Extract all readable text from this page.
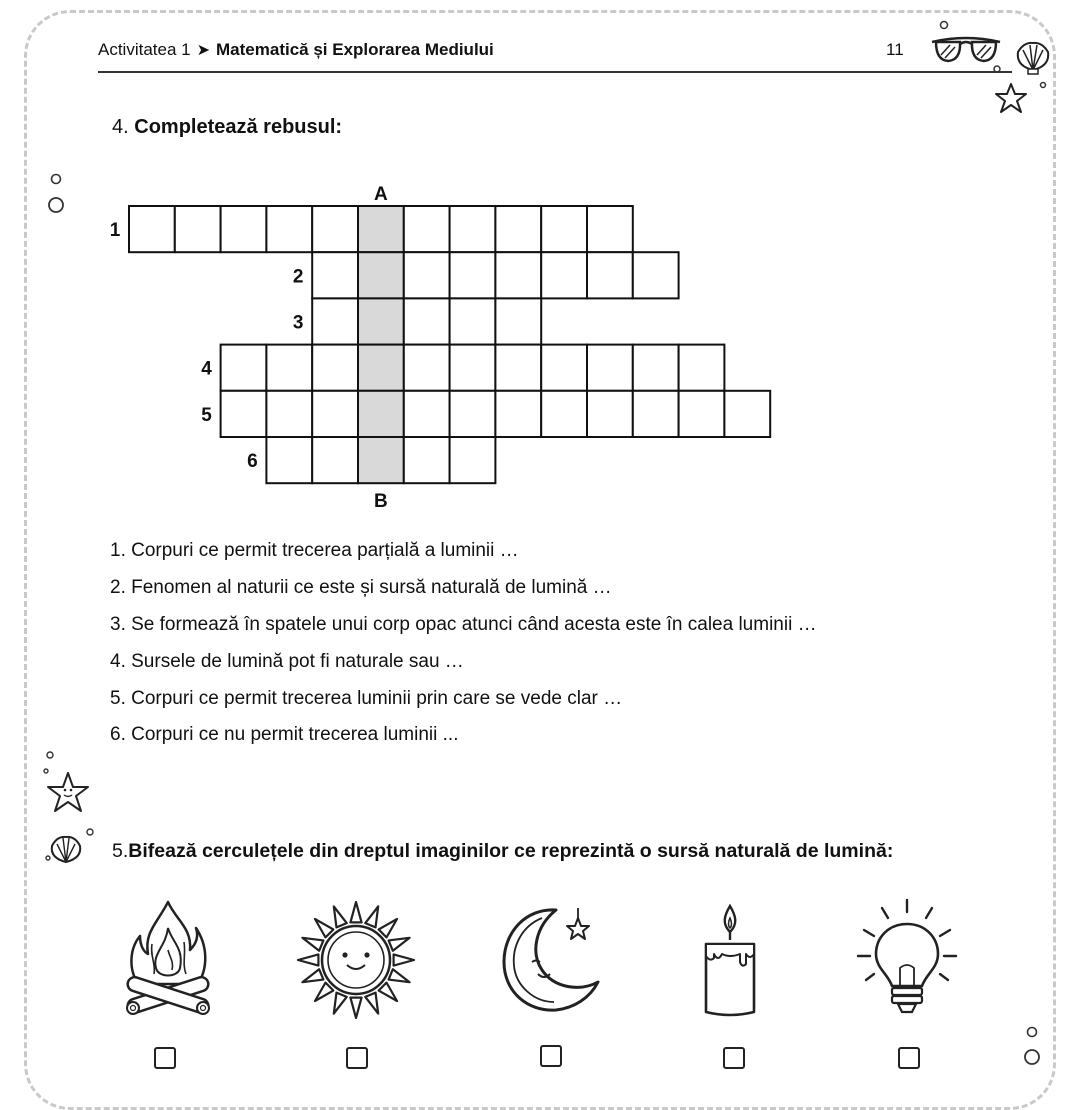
Activitatea 1 ➤ Matematică și Explorarea Mediului	11
4. Completează rebusul:
1
2
3
4
5
6
A
B
1. Corpuri ce permit trecerea parțială a luminii …
2. Fenomen al naturii ce este și sursă naturală de lumină …
3. Se formează în spatele unui corp opac atunci când acesta este în calea luminii …
4. Sursele de lumină pot fi naturale sau …
5. Corpuri ce permit trecerea luminii prin care se vede clar …
6. Corpuri ce nu permit trecerea luminii ...
5.Bifează cerculețele din dreptul imaginilor ce reprezintă o sursă naturală de lumină:
